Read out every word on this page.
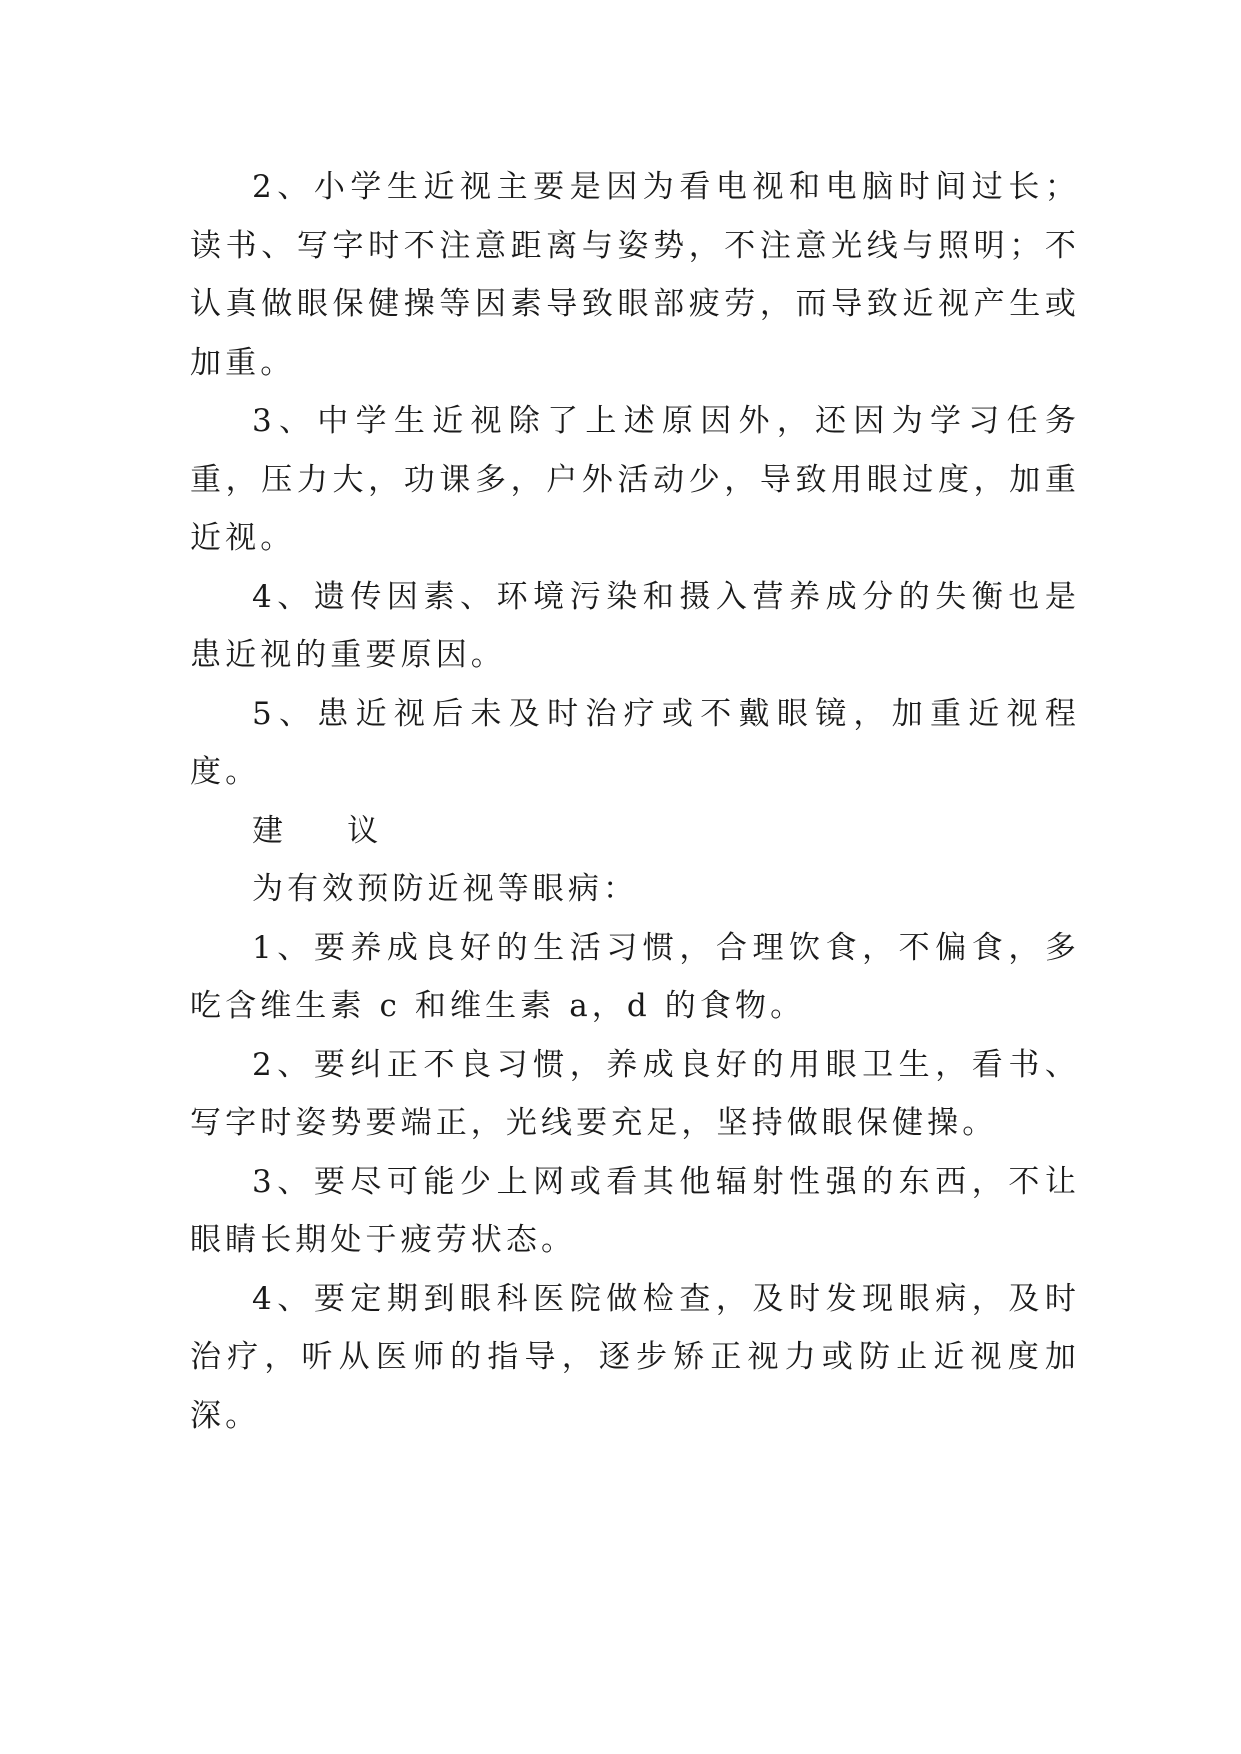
2、小学生近视主要是因为看电视和电脑时间过长；读书、写字时不注意距离与姿势，不注意光线与照明；不认真做眼保健操等因素导致眼部疲劳，而导致近视产生或加重。

3、中学生近视除了上述原因外，还因为学习任务重，压力大，功课多，户外活动少，导致用眼过度，加重近视。

4、遗传因素、环境污染和摄入营养成分的失衡也是患近视的重要原因。

5、患近视后未及时治疗或不戴眼镜，加重近视程度。

建 议

为有效预防近视等眼病：

1、要养成良好的生活习惯，合理饮食，不偏食，多吃含维生素 c 和维生素 a，d 的食物。

2、要纠正不良习惯，养成良好的用眼卫生，看书、写字时姿势要端正，光线要充足，坚持做眼保健操。

3、要尽可能少上网或看其他辐射性强的东西，不让眼睛长期处于疲劳状态。

4、要定期到眼科医院做检查，及时发现眼病，及时治疗，听从医师的指导，逐步矫正视力或防止近视度加深。
